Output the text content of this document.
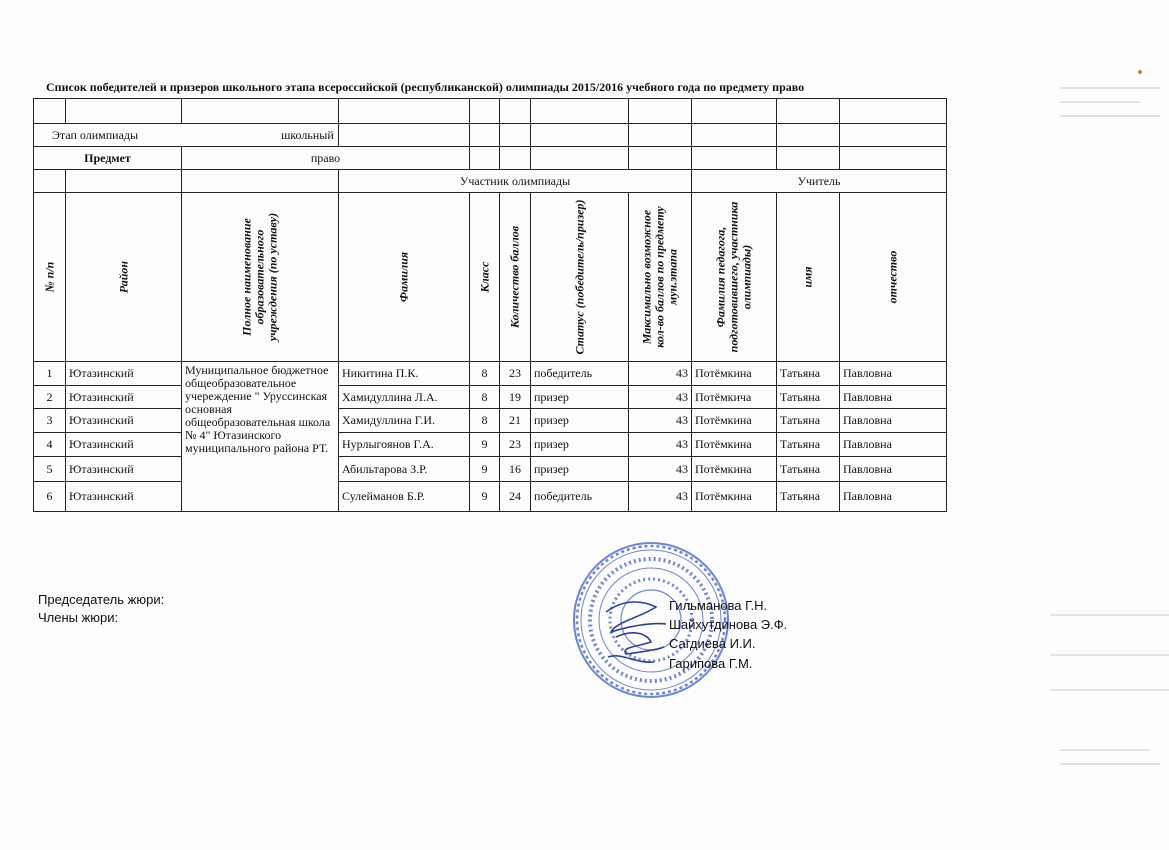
Список победителей и призеров школьного этапа всероссийской (республиканской) олимпиады 2015/2016 учебного года по предмету право

Этап олимпиады школьный										
Предмет		право								
			Участник олимпиады					Учитель		

№ п/п	Район	Полное наименование образовательного учреждения (по уставу)	Фамилия	Класс	Количество баллов	Статус (победитель/призер)	Максимально возможное кол-во баллов по предмету мун.этапа	Фамилия педагога, подготовившего, участника олимпиады)	имя	отчество

1	Ютазинский	Муниципальное бюджетное общеобразовательное учереждение " Уруссинская основная общеобразовательная школа № 4" Ютазинского муниципального района РТ.	Никитина П.К.	8	23	победитель	43	Потёмкина	Татьяна	Павловна
2	Ютазинский		Хамидуллина Л.А.	8	19	призер	43	Потёмкича	Татьяна	Павловна
3	Ютазинский		Хамидуллина Г.И.	8	21	призер	43	Потёмкина	Татьяна	Павловна
4	Ютазинский		Нурлыгоянов Г.А.	9	23	призер	43	Потёмкина	Татьяна	Павловна
5	Ютазинский		Абильтарова З.Р.	9	16	призер	43	Потёмкина	Татьяна	Павловна
6	Ютазинский		Сулейманов Б.Р.	9	24	победитель	43	Потёмкина	Татьяна	Павловна
Председатель жюри:
Члены жюри:
Гильманова Г.Н.
Шайхутдинова Э.Ф.
Сагдиева И.И.
Гарипова Г.М.
